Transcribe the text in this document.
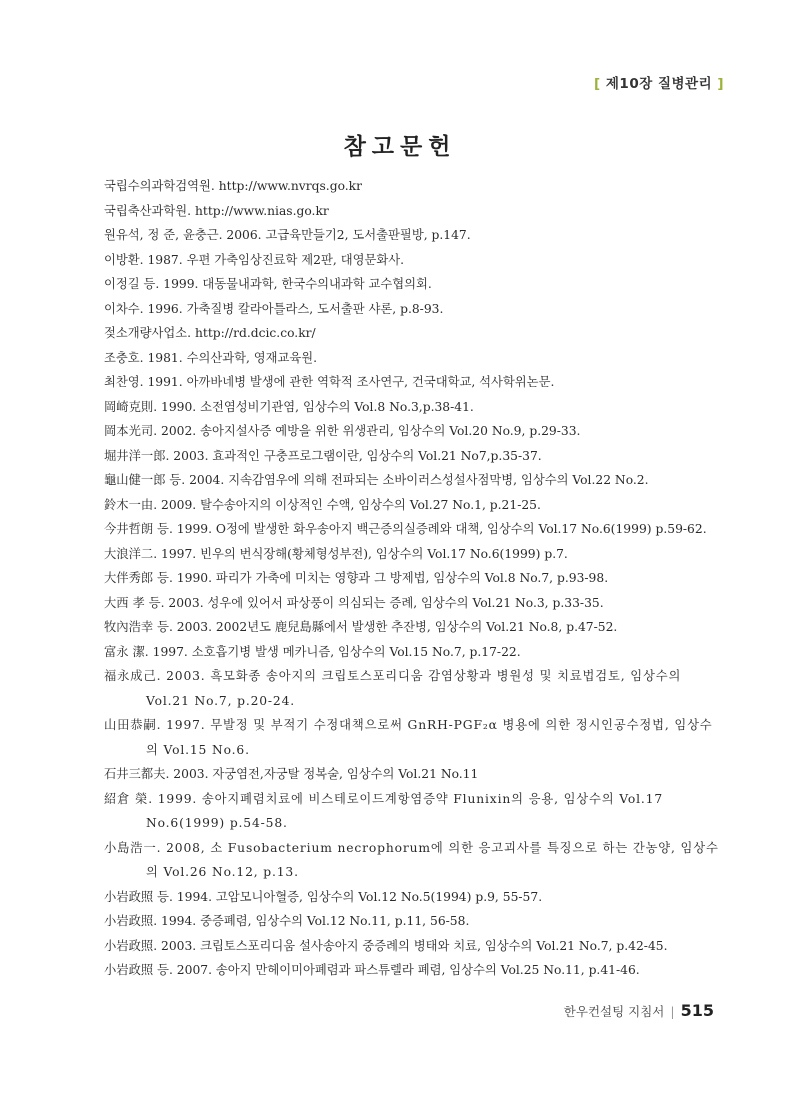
[ 제10장 질병관리 ]
참고문헌
국립수의과학검역원. http://www.nvrqs.go.kr
국립축산과학원. http://www.nias.go.kr
원유석, 정 준, 윤충근. 2006. 고급육만들기2, 도서출판필방, p.147.
이방환. 1987. 우편 가축임상진료학 제2판, 대영문화사.
이정길 등. 1999. 대동물내과학, 한국수의내과학 교수협의회.
이차수. 1996. 가축질병 칼라아틀라스, 도서출판 샤론, p.8-93.
젖소개량사업소. http://rd.dcic.co.kr/
조충호. 1981. 수의산과학, 영재교육원.
최찬영. 1991. 아까바네병 발생에 관한 역학적 조사연구, 건국대학교, 석사학위논문.
岡崎克則. 1990. 소전염성비기관염, 임상수의 Vol.8 No.3,p.38-41.
岡本光司. 2002. 송아지설사증 예방을 위한 위생관리, 임상수의 Vol.20 No.9, p.29-33.
堀井洋一郎. 2003. 효과적인 구충프로그램이란, 임상수의 Vol.21 No7,p.35-37.
龜山健一郎 등. 2004. 지속감염우에 의해 전파되는 소바이러스성설사점막병, 임상수의 Vol.22 No.2.
鈴木一由. 2009. 탈수송아지의 이상적인 수액, 임상수의 Vol.27 No.1, p.21-25.
今井哲朗 등. 1999. O정에 발생한 화우송아지 백근증의실증례와 대책, 임상수의 Vol.17 No.6(1999) p.59-62.
大浪洋二. 1997. 빈우의 번식장해(황체형성부전), 임상수의 Vol.17 No.6(1999) p.7.
大伴秀郎 등. 1990. 파리가 가축에 미치는 영향과 그 방제법, 임상수의 Vol.8 No.7, p.93-98.
大西 孝 등. 2003. 성우에 있어서 파상풍이 의심되는 증례, 임상수의 Vol.21 No.3, p.33-35.
牧內浩幸 등. 2003. 2002년도 鹿兒島縣에서 발생한 추잔병, 임상수의 Vol.21 No.8, p.47-52.
富永 潔. 1997. 소호흡기병 발생 메카니즘, 임상수의 Vol.15 No.7, p.17-22.
福永成己. 2003. 흑모화종 송아지의 크립토스포리디움 감염상황과 병원성 및 치료법검토, 임상수의 Vol.21 No.7, p.20-24.
山田恭嗣. 1997. 무발정 및 부적기 수정대책으로써 GnRH-PGF₂α 병용에 의한 정시인공수정법, 임상수의 Vol.15 No.6.
石井三都夫. 2003. 자궁염전,자궁탈 정복술, 임상수의 Vol.21 No.11
紹倉 榮. 1999. 송아지폐렴치료에 비스테로이드계항염증약 Flunixin의 응용, 임상수의 Vol.17 No.6(1999) p.54-58.
小島浩一. 2008, 소 Fusobacterium necrophorum에 의한 응고괴사를 특징으로 하는 간농양, 임상수의 Vol.26 No.12, p.13.
小岩政照 등. 1994. 고암모니아혈증, 임상수의 Vol.12 No.5(1994) p.9, 55-57.
小岩政照. 1994. 중증폐렴, 임상수의 Vol.12 No.11, p.11, 56-58.
小岩政照. 2003. 크립토스포리디움 설사송아지 중증례의 병태와 치료, 임상수의 Vol.21 No.7, p.42-45.
小岩政照 등. 2007. 송아지 만헤이미아폐렴과 파스튜렐라 폐렴, 임상수의 Vol.25 No.11, p.41-46.
한우컨설팅 지침서 | 515
